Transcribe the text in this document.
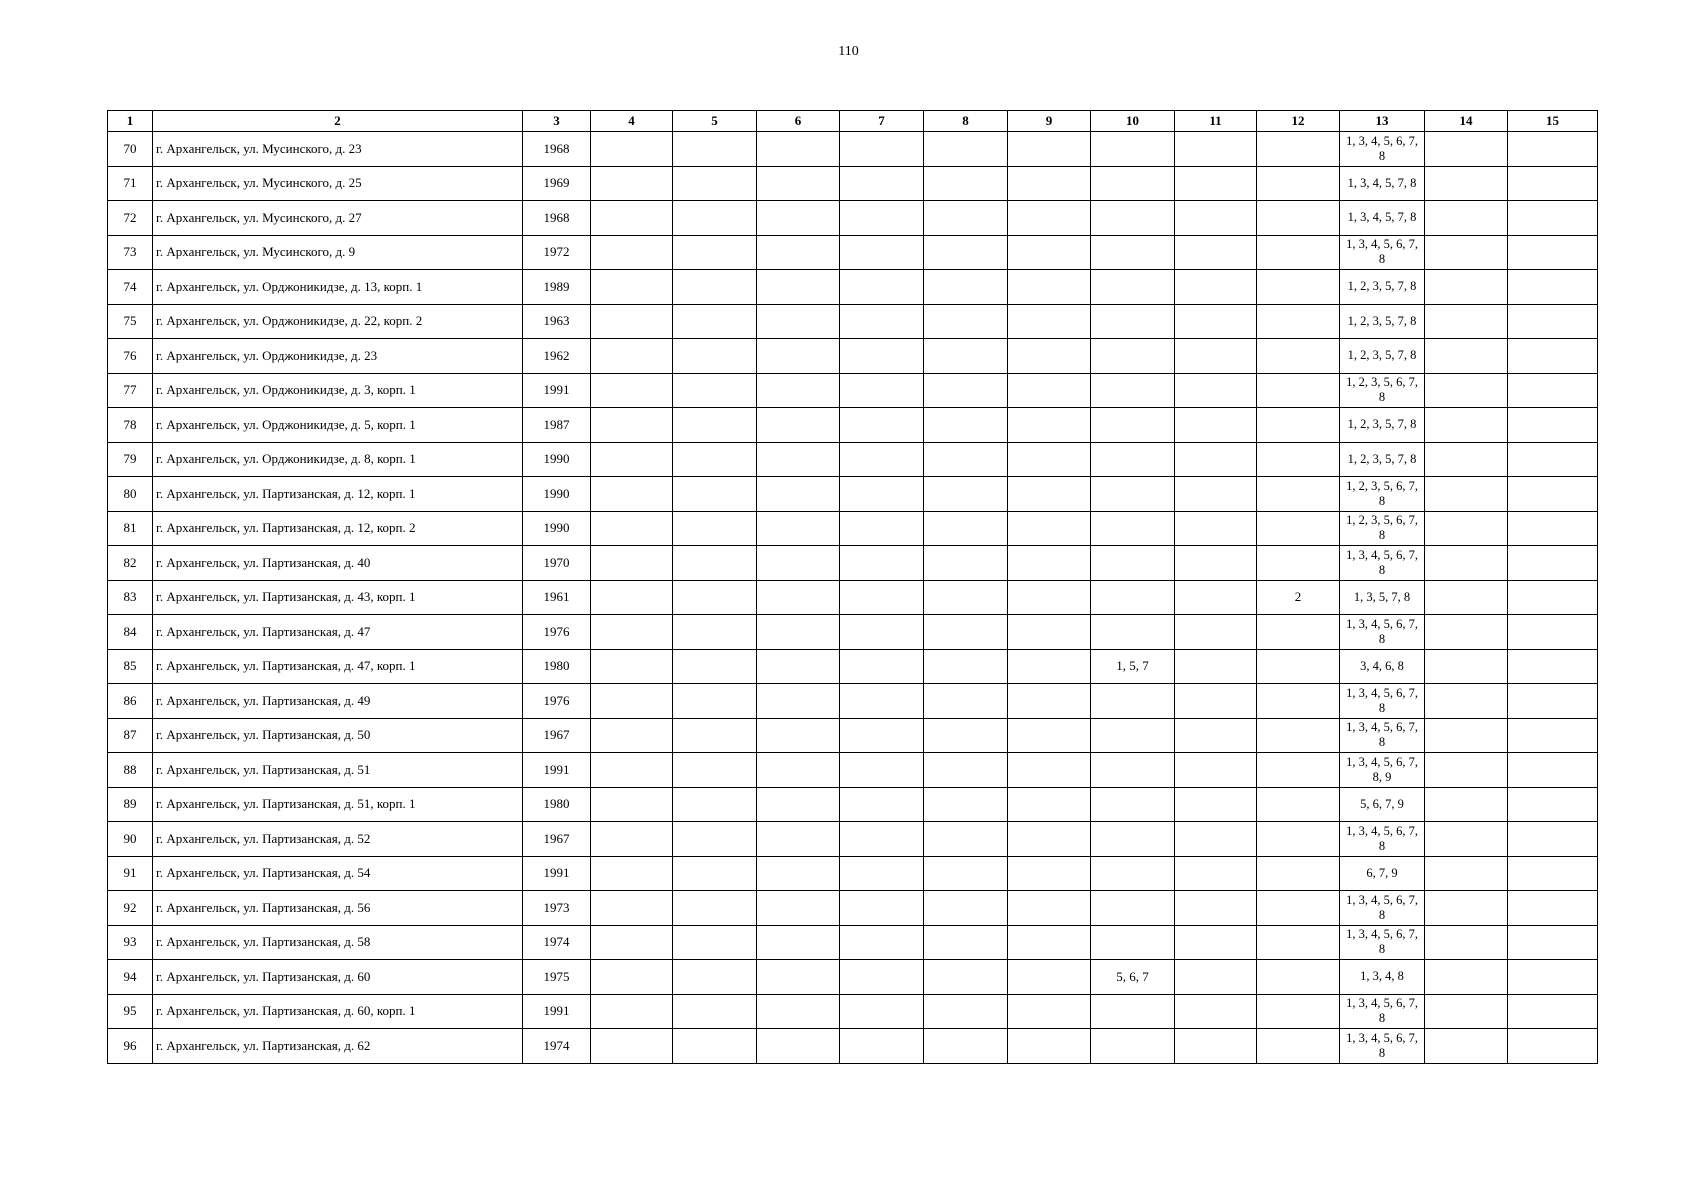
110
1	2	3	4	5	6	7	8	9	10	11	12	13	14	15
70	г. Архангельск, ул. Мусинского, д. 23	1968										1, 3, 4, 5, 6, 7, 8		
71	г. Архангельск, ул. Мусинского, д. 25	1969										1, 3, 4, 5, 7, 8		
72	г. Архангельск, ул. Мусинского, д. 27	1968										1, 3, 4, 5, 7, 8		
73	г. Архангельск, ул. Мусинского, д. 9	1972										1, 3, 4, 5, 6, 7, 8		
74	г. Архангельск, ул. Орджоникидзе, д. 13, корп. 1	1989										1, 2, 3, 5, 7, 8		
75	г. Архангельск, ул. Орджоникидзе, д. 22, корп. 2	1963										1, 2, 3, 5, 7, 8		
76	г. Архангельск, ул. Орджоникидзе, д. 23	1962										1, 2, 3, 5, 7, 8		
77	г. Архангельск, ул. Орджоникидзе, д. 3, корп. 1	1991										1, 2, 3, 5, 6, 7, 8		
78	г. Архангельск, ул. Орджоникидзе, д. 5, корп. 1	1987										1, 2, 3, 5, 7, 8		
79	г. Архангельск, ул. Орджоникидзе, д. 8, корп. 1	1990										1, 2, 3, 5, 7, 8		
80	г. Архангельск, ул. Партизанская, д. 12, корп. 1	1990										1, 2, 3, 5, 6, 7, 8		
81	г. Архангельск, ул. Партизанская, д. 12, корп. 2	1990										1, 2, 3, 5, 6, 7, 8		
82	г. Архангельск, ул. Партизанская, д. 40	1970										1, 3, 4, 5, 6, 7, 8		
83	г. Архангельск, ул. Партизанская, д. 43, корп. 1	1961									2	1, 3, 5, 7, 8		
84	г. Архангельск, ул. Партизанская, д. 47	1976										1, 3, 4, 5, 6, 7, 8		
85	г. Архангельск, ул. Партизанская, д. 47, корп. 1	1980							1, 5, 7			3, 4, 6, 8		
86	г. Архангельск, ул. Партизанская, д. 49	1976										1, 3, 4, 5, 6, 7, 8		
87	г. Архангельск, ул. Партизанская, д. 50	1967										1, 3, 4, 5, 6, 7, 8		
88	г. Архангельск, ул. Партизанская, д. 51	1991										1, 3, 4, 5, 6, 7, 8, 9		
89	г. Архангельск, ул. Партизанская, д. 51, корп. 1	1980										5, 6, 7, 9		
90	г. Архангельск, ул. Партизанская, д. 52	1967										1, 3, 4, 5, 6, 7, 8		
91	г. Архангельск, ул. Партизанская, д. 54	1991										6, 7, 9		
92	г. Архангельск, ул. Партизанская, д. 56	1973										1, 3, 4, 5, 6, 7, 8		
93	г. Архангельск, ул. Партизанская, д. 58	1974										1, 3, 4, 5, 6, 7, 8		
94	г. Архангельск, ул. Партизанская, д. 60	1975							5, 6, 7			1, 3, 4, 8		
95	г. Архангельск, ул. Партизанская, д. 60, корп. 1	1991										1, 3, 4, 5, 6, 7, 8		
96	г. Архангельск, ул. Партизанская, д. 62	1974										1, 3, 4, 5, 6, 7, 8		
